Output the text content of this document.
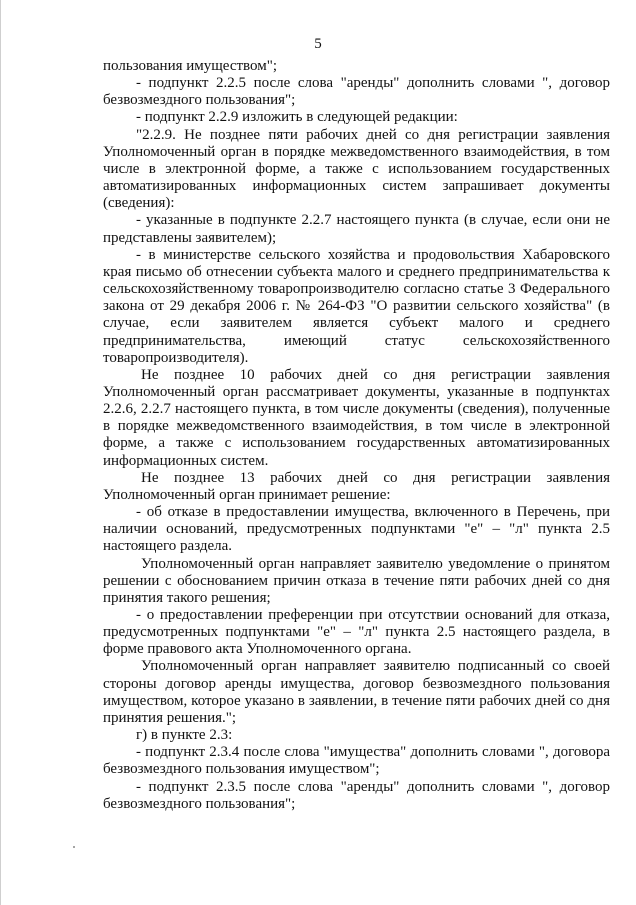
5

пользования имуществом";

- подпункт 2.2.5 после слова "аренды" дополнить словами ", договор безвозмездного пользования";

- подпункт 2.2.9 изложить в следующей редакции:

"2.2.9. Не позднее пяти рабочих дней со дня регистрации заявления Уполномоченный орган в порядке межведомственного взаимодействия, в том числе в электронной форме, а также с использованием государственных автоматизированных информационных систем запрашивает документы (сведения):

- указанные в подпункте 2.2.7 настоящего пункта (в случае, если они не представлены заявителем);

- в министерстве сельского хозяйства и продовольствия Хабаровского края письмо об отнесении субъекта малого и среднего предпринимательства к сельскохозяйственному товаропроизводителю согласно статье 3 Федерального закона от 29 декабря 2006 г. № 264-ФЗ "О развитии сельского хозяйства" (в случае, если заявителем является субъект малого и среднего предпринимательства, имеющий статус сельскохозяйственного товаропроизводителя).

Не позднее 10 рабочих дней со дня регистрации заявления Уполномоченный орган рассматривает документы, указанные в подпунктах 2.2.6, 2.2.7 настоящего пункта, в том числе документы (сведения), полученные в порядке межведомственного взаимодействия, в том числе в электронной форме, а также с использованием государственных автоматизированных информационных систем.

Не позднее 13 рабочих дней со дня регистрации заявления Уполномоченный орган принимает решение:

- об отказе в предоставлении имущества, включенного в Перечень, при наличии оснований, предусмотренных подпунктами "е" – "л" пункта 2.5 настоящего раздела.

Уполномоченный орган направляет заявителю уведомление о принятом решении с обоснованием причин отказа в течение пяти рабочих дней со дня принятия такого решения;

- о предоставлении преференции при отсутствии оснований для отказа, предусмотренных подпунктами "е" – "л" пункта 2.5 настоящего раздела, в форме правового акта Уполномоченного органа.

Уполномоченный орган направляет заявителю подписанный со своей стороны договор аренды имущества, договор безвозмездного пользования имуществом, которое указано в заявлении, в течение пяти рабочих дней со дня принятия решения.";

г) в пункте 2.3:

- подпункт 2.3.4 после слова "имущества" дополнить словами ", договора безвозмездного пользования имуществом";

- подпункт 2.3.5 после слова "аренды" дополнить словами ", договор безвозмездного пользования";
